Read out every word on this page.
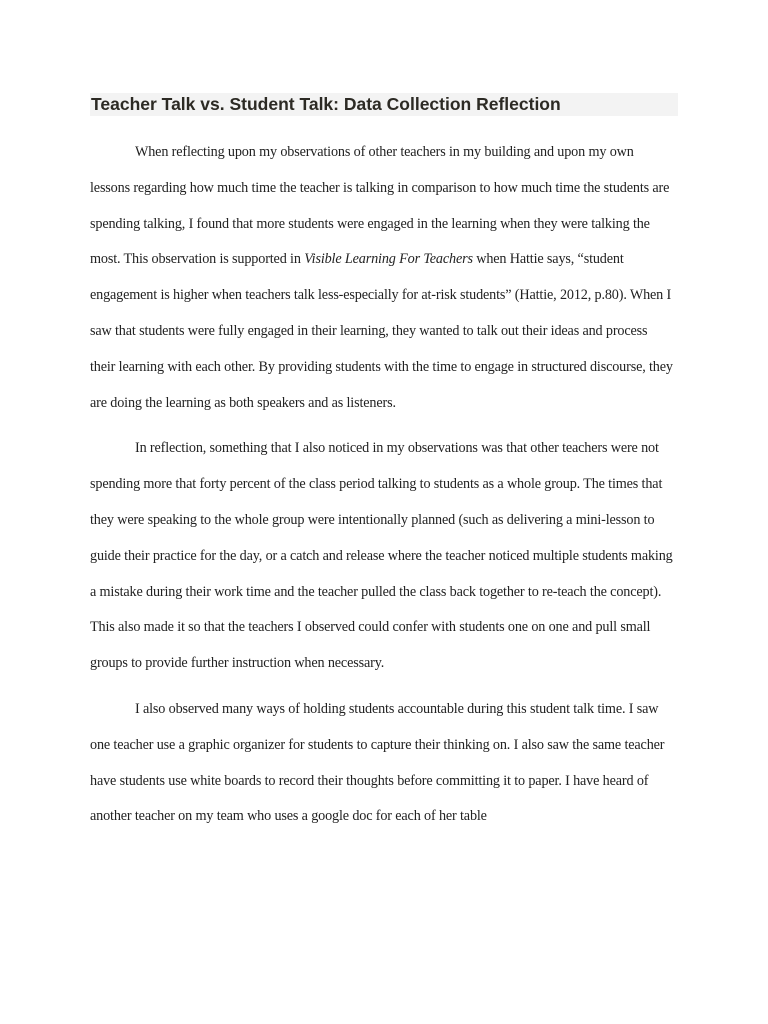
Teacher Talk vs. Student Talk: Data Collection Reflection

When reflecting upon my observations of other teachers in my building and upon my own lessons regarding how much time the teacher is talking in comparison to how much time the students are spending talking, I found that more students were engaged in the learning when they were talking the most. This observation is supported in Visible Learning For Teachers when Hattie says, “student engagement is higher when teachers talk less-especially for at-risk students” (Hattie, 2012, p.80). When I saw that students were fully engaged in their learning, they wanted to talk out their ideas and process their learning with each other. By providing students with the time to engage in structured discourse, they are doing the learning as both speakers and as listeners.

In reflection, something that I also noticed in my observations was that other teachers were not spending more that forty percent of the class period talking to students as a whole group. The times that they were speaking to the whole group were intentionally planned (such as delivering a mini-lesson to guide their practice for the day, or a catch and release where the teacher noticed multiple students making a mistake during their work time and the teacher pulled the class back together to re-teach the concept). This also made it so that the teachers I observed could confer with students one on one and pull small groups to provide further instruction when necessary.

I also observed many ways of holding students accountable during this student talk time. I saw one teacher use a graphic organizer for students to capture their thinking on. I also saw the same teacher have students use white boards to record their thoughts before committing it to paper. I have heard of another teacher on my team who uses a google doc for each of her table
